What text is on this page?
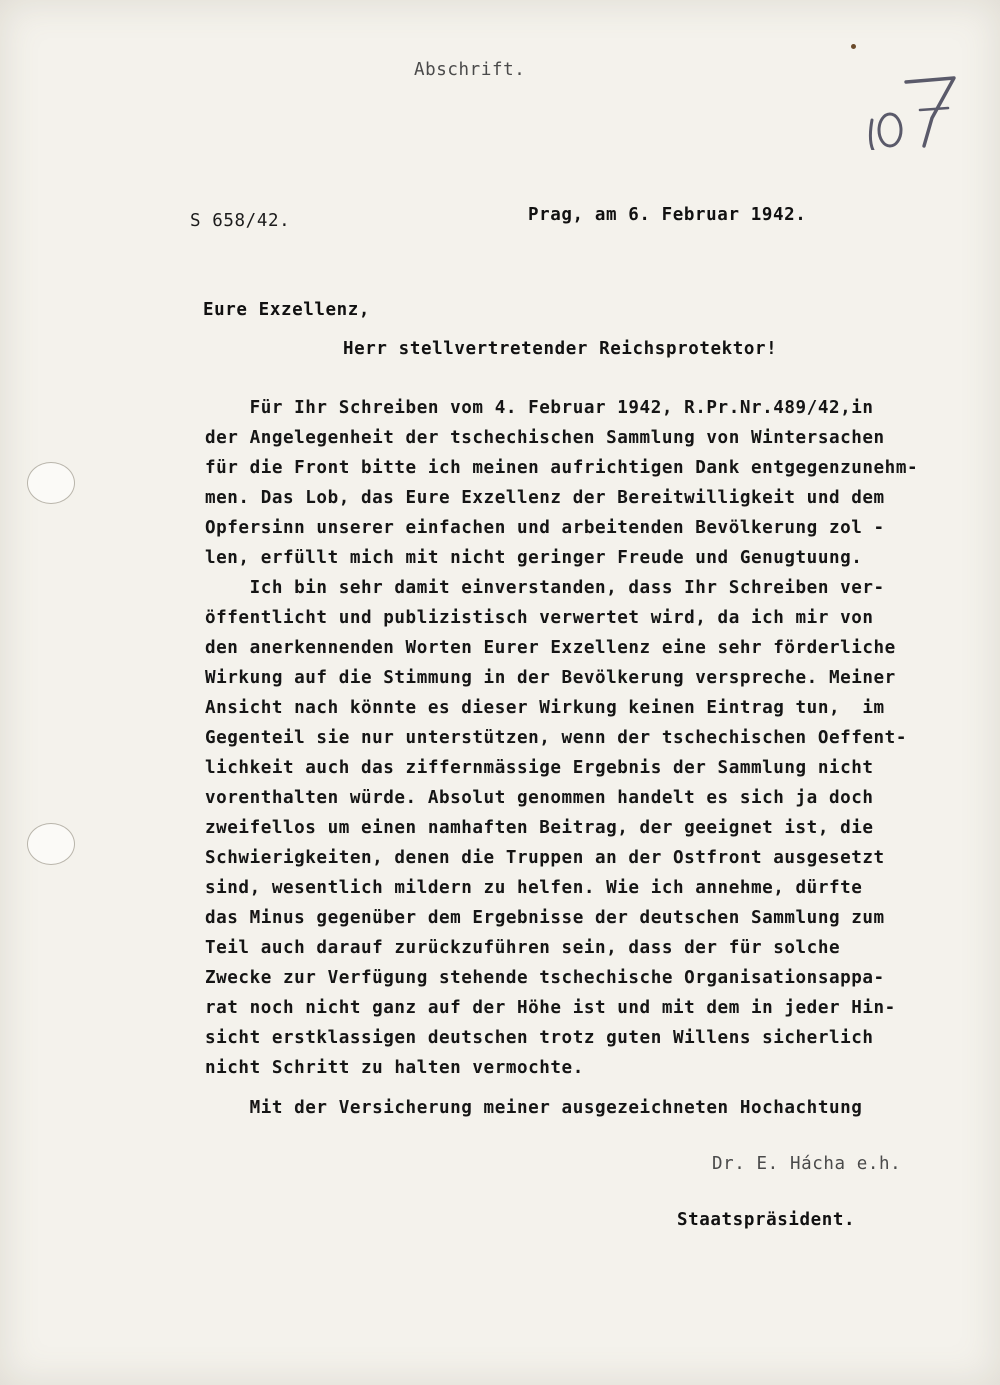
Abschrift.

S 658/42.	Prag, am 6. Februar 1942.

Eure Exzellenz,

Herr stellvertretender Reichsprotektor!

Für Ihr Schreiben vom 4. Februar 1942, R.Pr.Nr.489/42,in

der Angelegenheit der tschechischen Sammlung von Wintersachen

für die Front bitte ich meinen aufrichtigen Dank entgegenzunehm-

men. Das Lob, das Eure Exzellenz der Bereitwilligkeit und dem

Opfersinn unserer einfachen und arbeitenden Bevölkerung zol -

len, erfüllt mich mit nicht geringer Freude und Genugtuung.

Ich bin sehr damit einverstanden, dass Ihr Schreiben ver-

öffentlicht und publizistisch verwertet wird, da ich mir von

den anerkennenden Worten Eurer Exzellenz eine sehr förderliche

Wirkung auf die Stimmung in der Bevölkerung verspreche. Meiner

Ansicht nach könnte es dieser Wirkung keinen Eintrag tun,  im

Gegenteil sie nur unterstützen, wenn der tschechischen Oeffent-

lichkeit auch das ziffernmässige Ergebnis der Sammlung nicht

vorenthalten würde. Absolut genommen handelt es sich ja doch

zweifellos um einen namhaften Beitrag, der geeignet ist, die

Schwierigkeiten, denen die Truppen an der Ostfront ausgesetzt

sind, wesentlich mildern zu helfen. Wie ich annehme, dürfte

das Minus gegenüber dem Ergebnisse der deutschen Sammlung zum

Teil auch darauf zurückzuführen sein, dass der für solche

Zwecke zur Verfügung stehende tschechische Organisationsappa-

rat noch nicht ganz auf der Höhe ist und mit dem in jeder Hin-

sicht erstklassigen deutschen trotz guten Willens sicherlich

nicht Schritt zu halten vermochte.

Mit der Versicherung meiner ausgezeichneten Hochachtung

Dr. E. Hácha e.h.

Staatspräsident.
